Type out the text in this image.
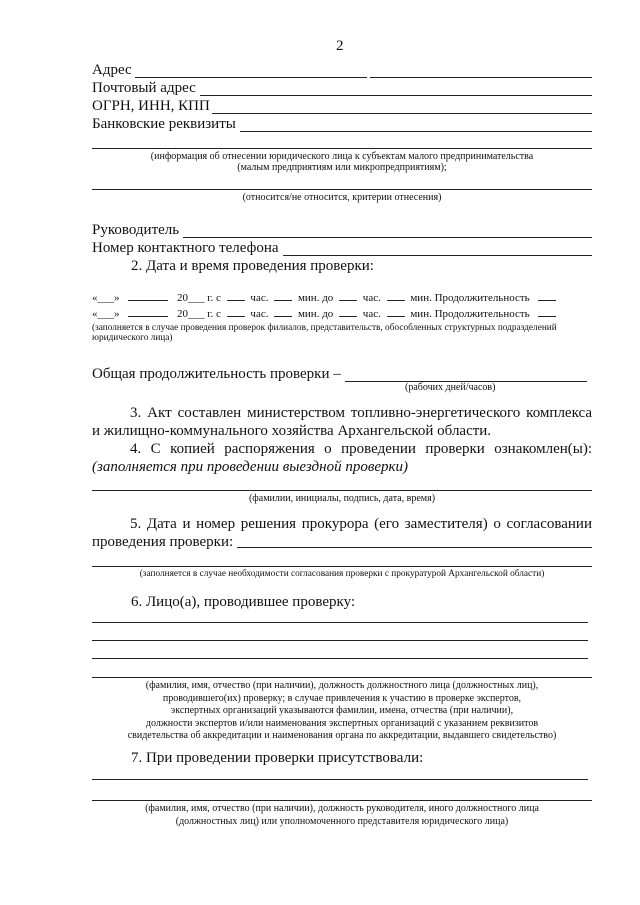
2
Адрес
Почтовый адрес
ОГРН, ИНН, КПП
Банковские реквизиты
(информация об отнесении юридического лица к субъектам малого предпринимательства
(малым предприятиям или микропредприятиям);
(относится/не относится, критерии отнесения)
Руководитель
Номер контактного телефона
2. Дата и время проведения проверки:
«___»	20___ г. с	час.	мин. до	час.	мин. Продолжительность
«___»	20___ г. с	час.	мин. до	час.	мин. Продолжительность
(заполняется в случае проведения проверок филиалов, представительств, обособленных структурных подразделений
юридического лица)
Общая продолжительность проверки –
(рабочих дней/часов)
3. Акт составлен министерством топливно-энергетического комплекса
и жилищно-коммунального хозяйства Архангельской области.
4. С копией распоряжения о проведении проверки ознакомлен(ы):
(заполняется при проведении выездной проверки)
(фамилии, инициалы, подпись, дата, время)
5. Дата и номер решения прокурора (его заместителя) о согласовании
проведения проверки:
(заполняется в случае необходимости согласования проверки с прокуратурой Архангельской области)
6. Лицо(а), проводившее проверку:
(фамилия, имя, отчество (при наличии), должность должностного лица (должностных лиц),
проводившего(их) проверку; в случае привлечения к участию в проверке экспертов,
экспертных организаций указываются фамилии, имена, отчества (при наличии),
должности экспертов и/или наименования экспертных организаций с указанием реквизитов
свидетельства об аккредитации и наименования органа по аккредитации, выдавшего свидетельство)
7. При проведении проверки присутствовали:
(фамилия, имя, отчество (при наличии), должность руководителя, иного должностного лица
(должностных лиц) или уполномоченного представителя юридического лица)
